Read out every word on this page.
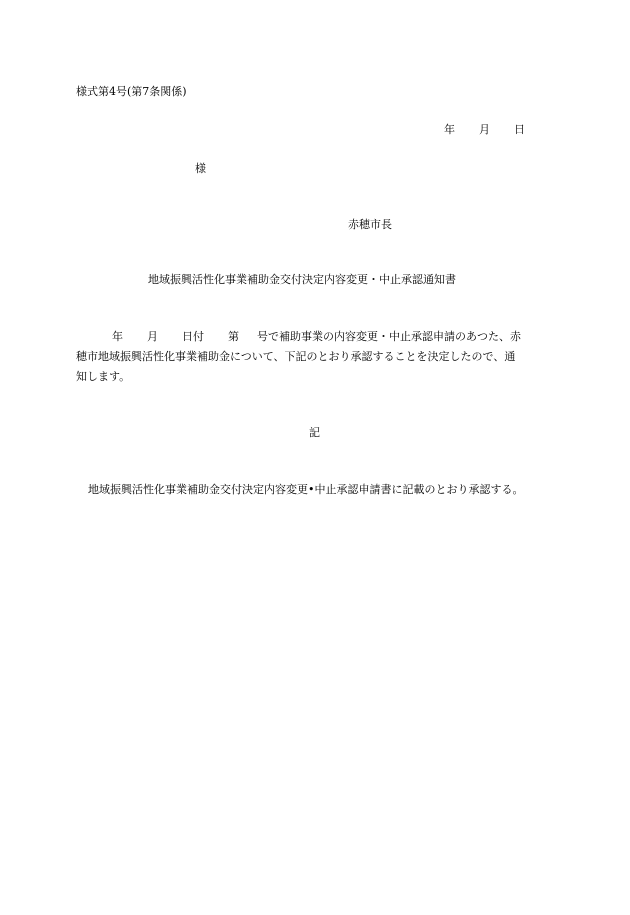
様式第4号(第7条関係)
年 月 日
様
赤穂市長
地域振興活性化事業補助金交付決定内容変更・中止承認通知書
年 月 日付 第 号で補助事業の内容変更・中止承認申請のあつた、赤
穂市地域振興活性化事業補助金について、下記のとおり承認することを決定したので、通
知します。
記
地域振興活性化事業補助金交付決定内容変更•中止承認申請書に記載のとおり承認する。
